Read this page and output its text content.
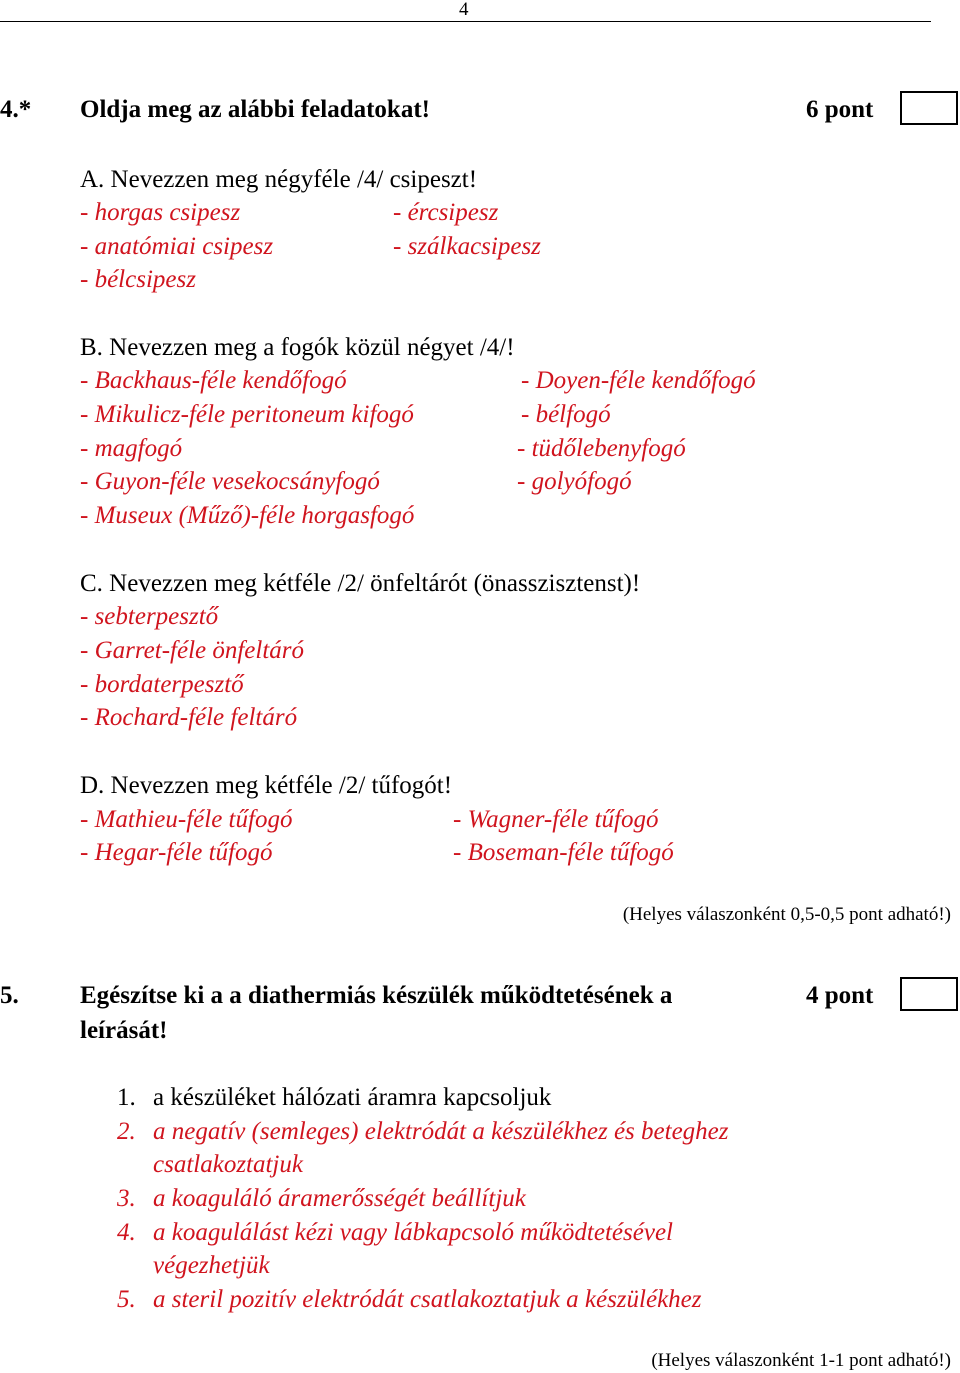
4
4.* Oldja meg az alábbi feladatokat!	6 pont
A. Nevezzen meg négyféle /4/ csipeszt!
- horgas csipesz	- ércsipesz
- anatómiai csipesz	- szálkacsipesz
- bélcsipesz
B. Nevezzen meg a fogók közül négyet /4/!
- Backhaus-féle kendőfogó	- Doyen-féle kendőfogó
- Mikulicz-féle peritoneum kifogó	- bélfogó
- magfogó	- tüdőlebenyfogó
- Guyon-féle vesekocsányfogó	- golyófogó
- Museux (Műző)-féle horgasfogó
C. Nevezzen meg kétféle /2/ önfeltárót (önasszisztenst)!
- sebterpesztő
- Garret-féle önfeltáró
- bordaterpesztő
- Rochard-féle feltáró
D. Nevezzen meg kétféle /2/ tűfogót!
- Mathieu-féle tűfogó	- Wagner-féle tűfogó
- Hegar-féle tűfogó	- Boseman-féle tűfogó
(Helyes válaszonként 0,5-0,5 pont adható!)
5. Egészítse ki a a diathermiás készülék működtetésének a	4 pont
leírását!
1. a készüléket hálózati áramra kapcsoljuk
2. a negatív (semleges) elektródát a készülékhez és beteghez
csatlakoztatjuk
3. a koaguláló áramerősségét beállítjuk
4. a koagulálást kézi vagy lábkapcsoló működtetésével
végezhetjük
5. a steril pozitív elektródát csatlakoztatjuk a készülékhez
(Helyes válaszonként 1-1 pont adható!)
